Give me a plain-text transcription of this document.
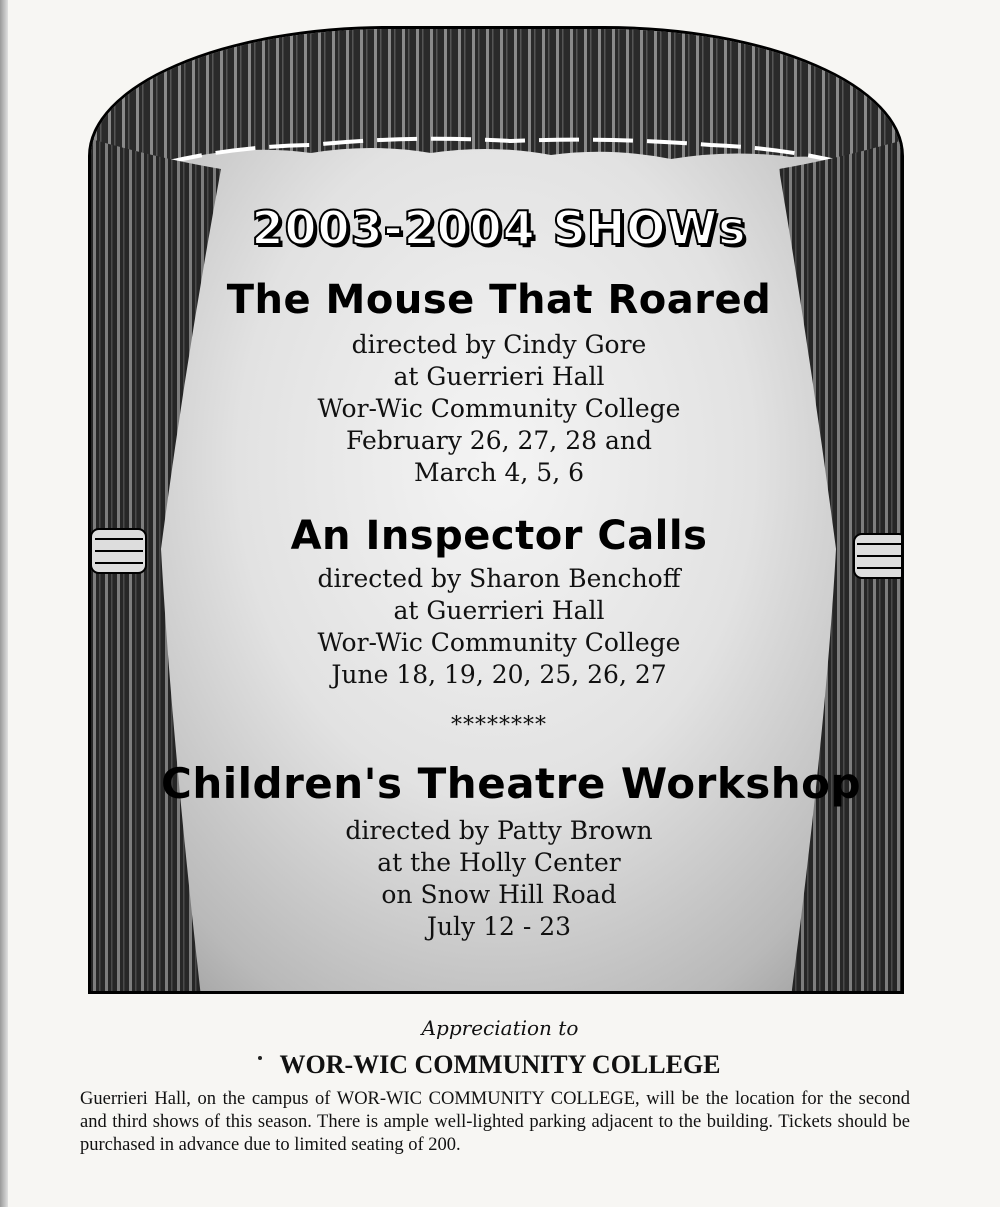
2003-2004 SHOWs
The Mouse That Roared
directed by Cindy Gore
at Guerrieri Hall
Wor-Wic Community College
February 26, 27, 28 and
March 4, 5, 6
An Inspector Calls
directed by Sharon Benchoff
at Guerrieri Hall
Wor-Wic Community College
June 18, 19, 20, 25, 26, 27
********
Children's Theatre Workshop
directed by Patty Brown
at the Holly Center
on Snow Hill Road
July 12 - 23
Appreciation to
WOR-WIC COMMUNITY COLLEGE
Guerrieri Hall, on the campus of WOR-WIC COMMUNITY COLLEGE, will be the location for the second and third shows of this season. There is ample well-lighted parking adjacent to the building. Tickets should be purchased in advance due to limited seating of 200.
